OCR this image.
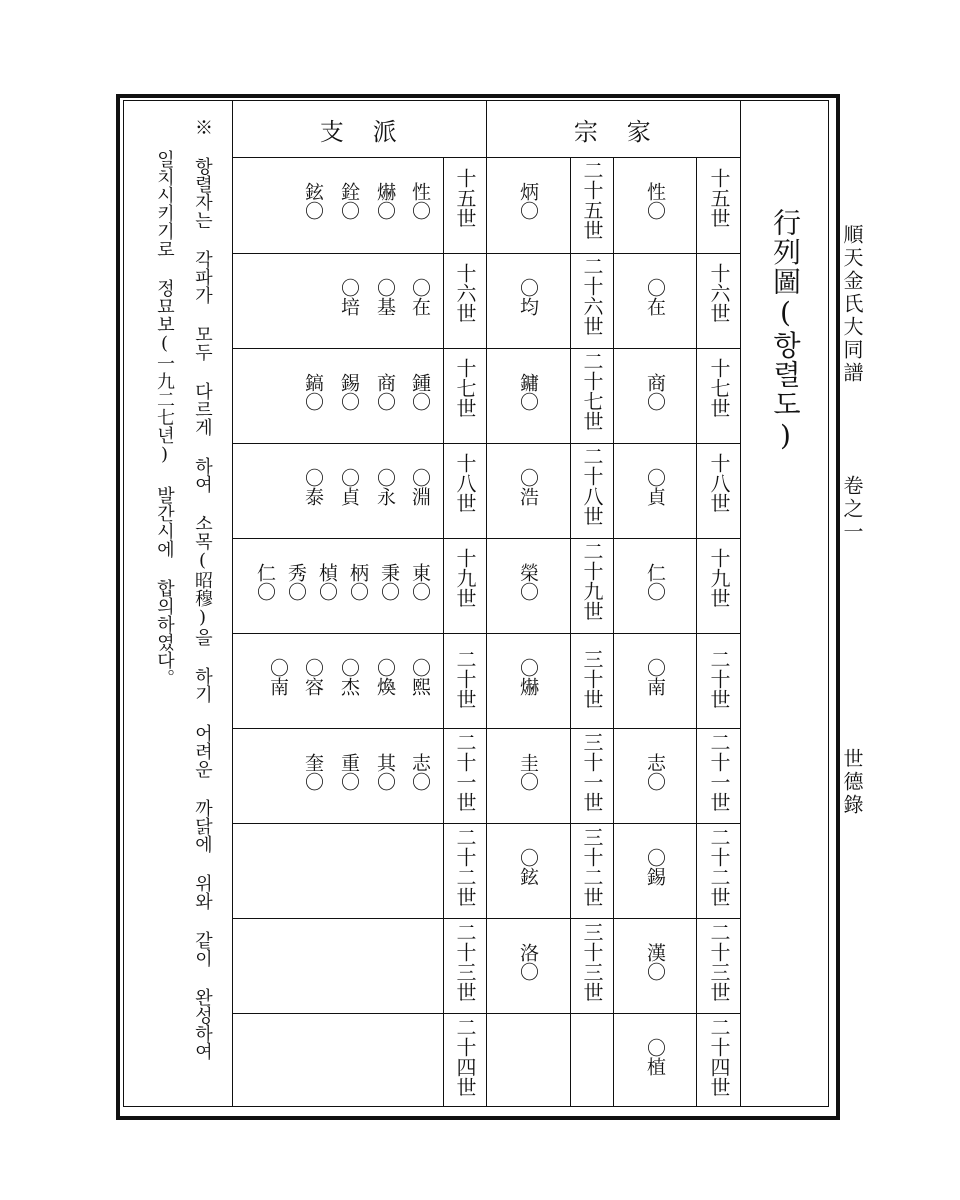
順天金氏大同譜
卷之一
世德錄
宗　家
支　派
行列圖(항렬도)
十五世
性〇
二十五世
炳〇
十五世
性〇
爀〇
銓〇
鉉〇
十六世
〇在
二十六世
〇均
十六世
〇在
〇基
〇培
十七世
商〇
二十七世
鏞〇
十七世
鍾〇
商〇
錫〇
鎬〇
十八世
〇貞
二十八世
〇浩
十八世
〇淵
〇永
〇貞
〇泰
十九世
仁〇
二十九世
榮〇
十九世
東〇
秉〇
柄〇
楨〇
秀〇
仁〇
二十世
〇南
三十世
〇爀
二十世
〇熙
〇煥
〇杰
〇容
〇南
二十一世
志〇
三十一世
圭〇
二十一世
志〇
其〇
重〇
奎〇
二十二世
〇錫
三十二世
〇鉉
二十二世
二十三世
漢〇
三十三世
洛〇
二十三世
二十四世
〇植
二十四世
※ 항렬자는 각파가 모두 다르게 하여 소목(昭穆)을 하기 어려운 까닭에 위와 같이 완성하여
일치시키기로 정묘보(一九二七년) 발간시에 합의하였다。
